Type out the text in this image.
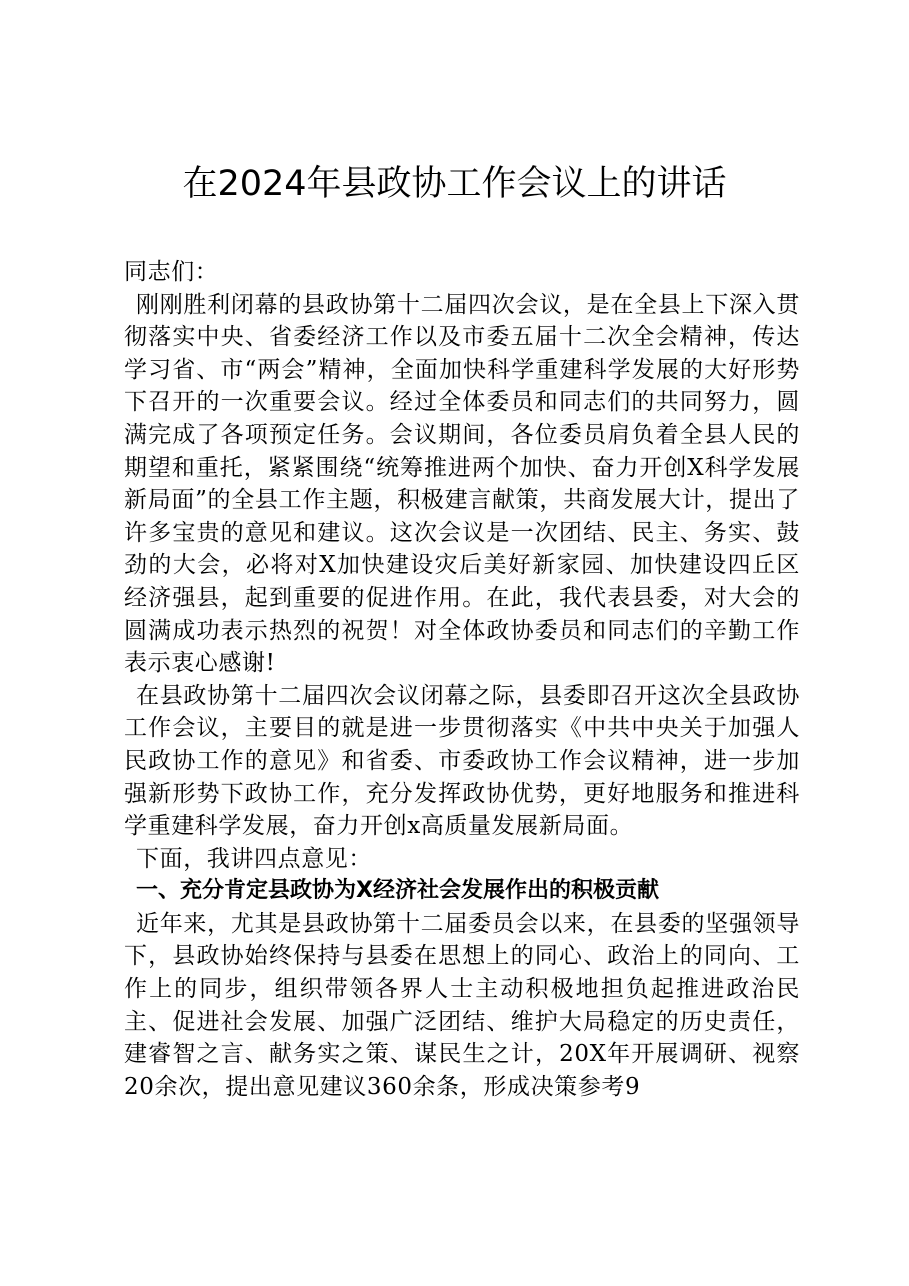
在2024年县政协工作会议上的讲话

同志们：

刚刚胜利闭幕的县政协第十二届四次会议，是在全县上下深入贯彻落实中央、省委经济工作以及市委五届十二次全会精神，传达学习省、市“两会”精神，全面加快科学重建科学发展的大好形势下召开的一次重要会议。经过全体委员和同志们的共同努力，圆满完成了各项预定任务。会议期间，各位委员肩负着全县人民的期望和重托，紧紧围绕“统筹推进两个加快、奋力开创X科学发展新局面”的全县工作主题，积极建言献策，共商发展大计，提出了许多宝贵的意见和建议。这次会议是一次团结、民主、务实、鼓劲的大会，必将对X加快建设灾后美好新家园、加快建设四丘区经济强县，起到重要的促进作用。在此，我代表县委，对大会的圆满成功表示热烈的祝贺！对全体政协委员和同志们的辛勤工作表示衷心感谢!

在县政协第十二届四次会议闭幕之际，县委即召开这次全县政协工作会议，主要目的就是进一步贯彻落实《中共中央关于加强人民政协工作的意见》和省委、市委政协工作会议精神，进一步加强新形势下政协工作，充分发挥政协优势，更好地服务和推进科学重建科学发展，奋力开创x高质量发展新局面。

下面，我讲四点意见：

一、充分肯定县政协为X经济社会发展作出的积极贡献

近年来，尤其是县政协第十二届委员会以来，在县委的坚强领导下，县政协始终保持与县委在思想上的同心、政治上的同向、工作上的同步，组织带领各界人士主动积极地担负起推进政治民主、促进社会发展、加强广泛团结、维护大局稳定的历史责任，建睿智之言、献务实之策、谋民生之计，20X年开展调研、视察20余次，提出意见建议360余条，形成决策参考9
